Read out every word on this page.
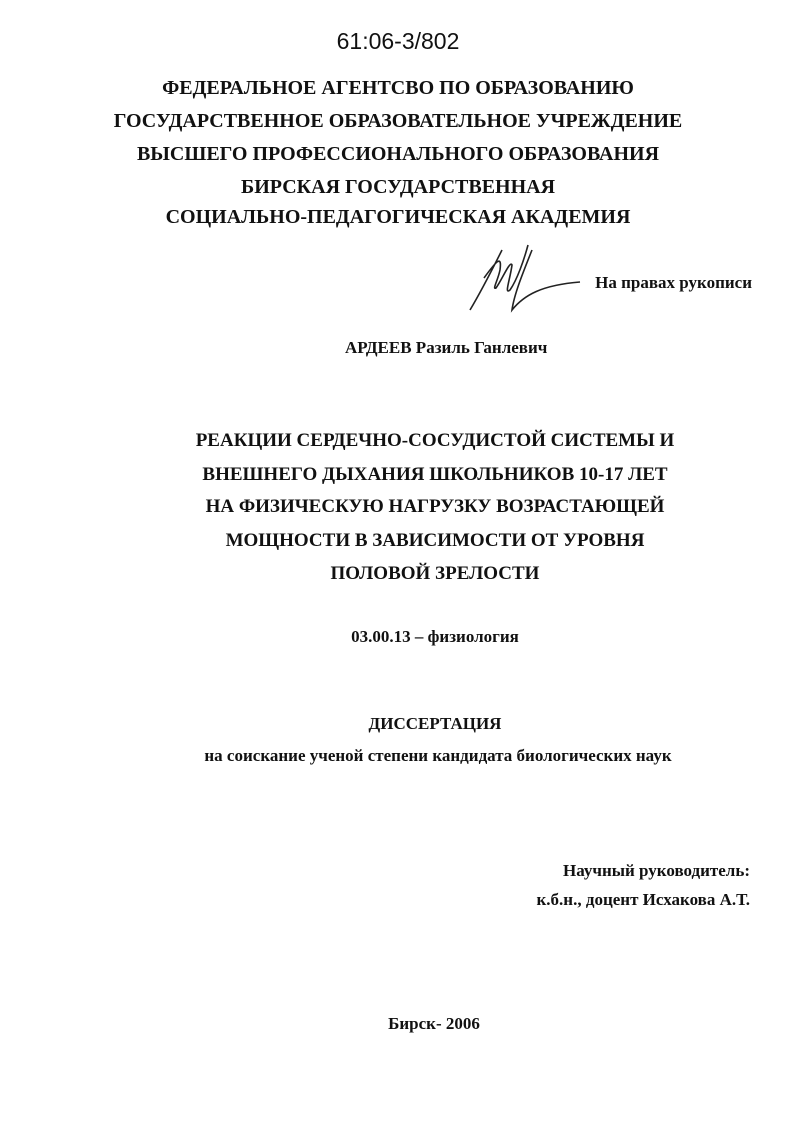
61:06-3/802
ФЕДЕРАЛЬНОЕ АГЕНТСВО ПО ОБРАЗОВАНИЮ
ГОСУДАРСТВЕННОЕ ОБРАЗОВАТЕЛЬНОЕ УЧРЕЖДЕНИЕ
ВЫСШЕГО ПРОФЕССИОНАЛЬНОГО ОБРАЗОВАНИЯ
БИРСКАЯ ГОСУДАРСТВЕННАЯ
СОЦИАЛЬНО-ПЕДАГОГИЧЕСКАЯ АКАДЕМИЯ
На правах рукописи
АРДЕЕВ Разиль Ганлевич
РЕАКЦИИ СЕРДЕЧНО-СОСУДИСТОЙ СИСТЕМЫ И
ВНЕШНЕГО ДЫХАНИЯ ШКОЛЬНИКОВ 10-17 ЛЕТ
НА ФИЗИЧЕСКУЮ НАГРУЗКУ ВОЗРАСТАЮЩЕЙ
МОЩНОСТИ В ЗАВИСИМОСТИ ОТ УРОВНЯ
ПОЛОВОЙ ЗРЕЛОСТИ
03.00.13 – физиология
ДИССЕРТАЦИЯ
на соискание ученой степени кандидата биологических наук
Научный руководитель:
к.б.н., доцент Исхакова А.Т.
Бирск- 2006
